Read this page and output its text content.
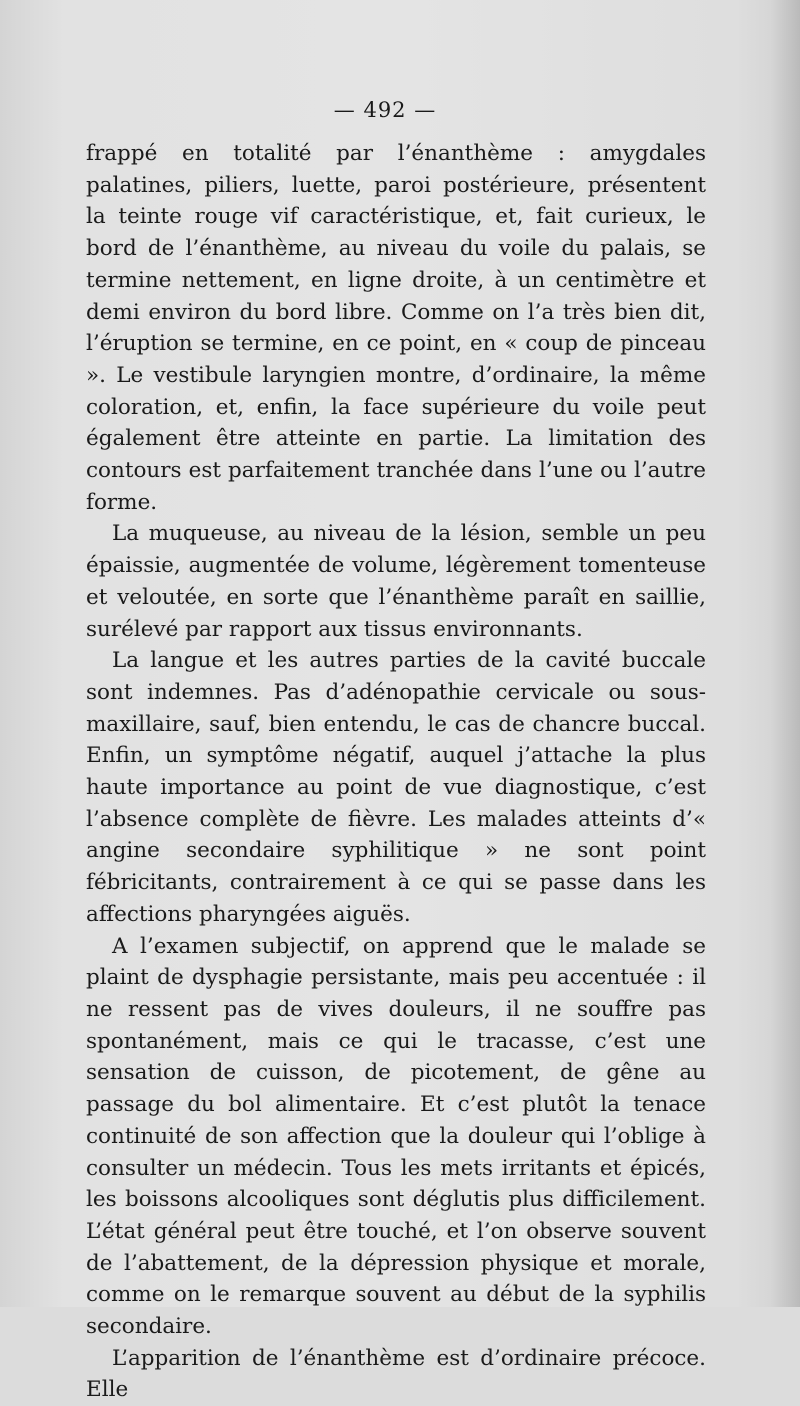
— 492 —

frappé en totalité par l’énanthème : amygdales palatines, piliers, luette, paroi postérieure, présentent la teinte rouge vif caractéristique, et, fait curieux, le bord de l’énanthème, au niveau du voile du palais, se termine nettement, en ligne droite, à un centimètre et demi environ du bord libre. Comme on l’a très bien dit, l’éruption se termine, en ce point, en « coup de pinceau ». Le vestibule laryngien montre, d’ordinaire, la même coloration, et, enfin, la face supérieure du voile peut également être atteinte en partie. La limitation des contours est parfaitement tranchée dans l’une ou l’autre forme.

La muqueuse, au niveau de la lésion, semble un peu épaissie, augmentée de volume, légèrement tomenteuse et veloutée, en sorte que l’énanthème paraît en saillie, surélevé par rapport aux tissus environnants.

La langue et les autres parties de la cavité buccale sont indemnes. Pas d’adénopathie cervicale ou sous-maxillaire, sauf, bien entendu, le cas de chancre buccal. Enfin, un symptôme négatif, auquel j’attache la plus haute importance au point de vue diagnostique, c’est l’absence complète de fièvre. Les malades atteints d’« angine secondaire syphilitique » ne sont point fébricitants, contrairement à ce qui se passe dans les affections pharyngées aiguës.

A l’examen subjectif, on apprend que le malade se plaint de dysphagie persistante, mais peu accentuée : il ne ressent pas de vives douleurs, il ne souffre pas spontanément, mais ce qui le tracasse, c’est une sensation de cuisson, de picotement, de gêne au passage du bol alimentaire. Et c’est plutôt la tenace continuité de son affection que la douleur qui l’oblige à consulter un médecin. Tous les mets irritants et épicés, les boissons alcooliques sont déglutis plus difficilement. L’état général peut être touché, et l’on observe souvent de l’abattement, de la dépression physique et morale, comme on le remarque souvent au début de la syphilis secondaire.

L’apparition de l’énanthème est d’ordinaire précoce. Elle
